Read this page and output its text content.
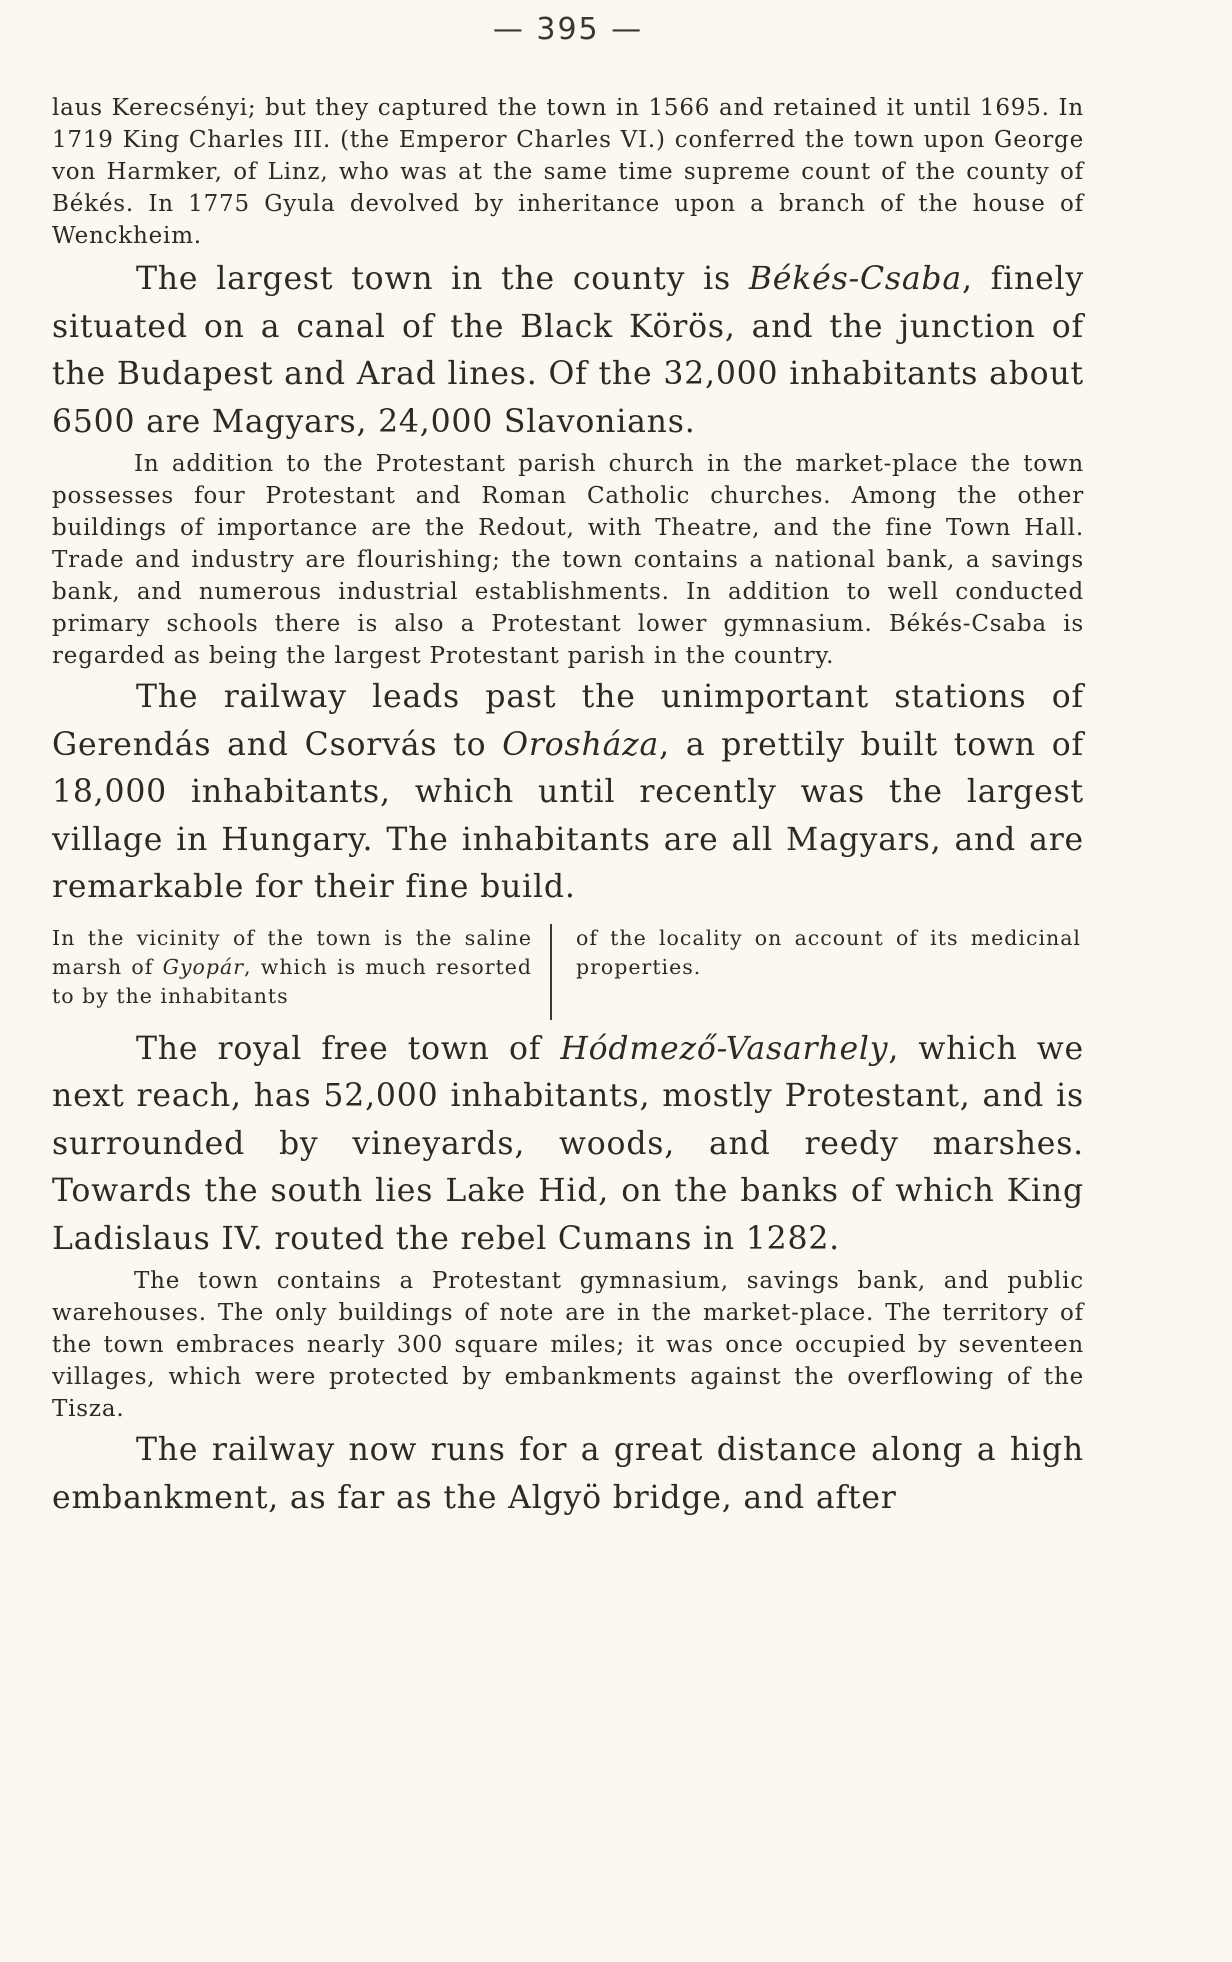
— 395 —

laus Kerecsényi; but they captured the town in 1566 and retained it until 1695. In 1719 King Charles III. (the Emperor Charles VI.) conferred the town upon George von Harmker, of Linz, who was at the same time supreme count of the county of Békés. In 1775 Gyula devolved by inheritance upon a branch of the house of Wenckheim.

The largest town in the county is Békés-Csaba, finely situated on a canal of the Black Körös, and the junction of the Budapest and Arad lines. Of the 32,000 inhabitants about 6500 are Magyars, 24,000 Slavonians.

In addition to the Protestant parish church in the market-place the town possesses four Protestant and Roman Catholic churches. Among the other buildings of importance are the Redout, with Theatre, and the fine Town Hall. Trade and industry are flourishing; the town contains a national bank, a savings bank, and numerous industrial establishments. In addition to well conducted primary schools there is also a Protestant lower gymnasium. Békés-Csaba is regarded as being the largest Protestant parish in the country.

The railway leads past the unimportant stations of Gerendás and Csorvás to Orosháza, a prettily built town of 18,000 inhabitants, which until recently was the largest village in Hungary. The inhabitants are all Magyars, and are remarkable for their fine build.

In the vicinity of the town is the saline marsh of Gyopár, which is much resorted to by the inhabitants
of the locality on account of its medicinal properties.

The royal free town of Hódmező-Vasarhely, which we next reach, has 52,000 inhabitants, mostly Protestant, and is surrounded by vineyards, woods, and reedy marshes. Towards the south lies Lake Hid, on the banks of which King Ladislaus IV. routed the rebel Cumans in 1282.

The town contains a Protestant gymnasium, savings bank, and public warehouses. The only buildings of note are in the market-place. The territory of the town embraces nearly 300 square miles; it was once occupied by seventeen villages, which were protected by embankments against the overflowing of the Tisza.

The railway now runs for a great distance along a high embankment, as far as the Algyö bridge, and after
